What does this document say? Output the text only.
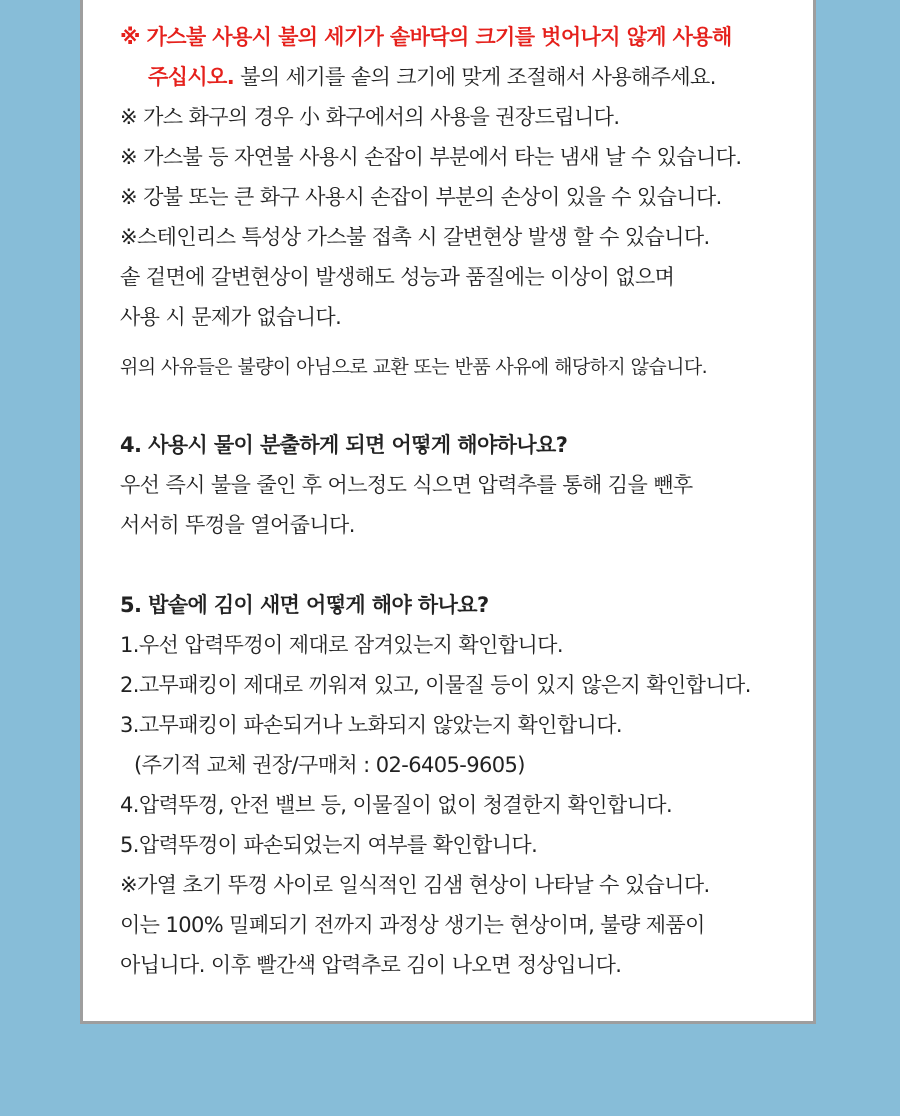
※ 가스불 사용시 불의 세기가 솥바닥의 크기를 벗어나지 않게 사용해
주십시오. 불의 세기를 솥의 크기에 맞게 조절해서 사용해주세요.
※ 가스 화구의 경우 小 화구에서의 사용을 권장드립니다.
※ 가스불 등 자연불 사용시 손잡이 부분에서 타는 냄새 날 수 있습니다.
※ 강불 또는 큰 화구 사용시 손잡이 부분의 손상이 있을 수 있습니다.
※스테인리스 특성상 가스불 접촉 시 갈변현상 발생 할 수 있습니다.
솥 겉면에 갈변현상이 발생해도 성능과 품질에는 이상이 없으며
사용 시 문제가 없습니다.
위의 사유들은 불량이 아님으로 교환 또는 반품 사유에 해당하지 않습니다.
4. 사용시 물이 분출하게 되면 어떻게 해야하나요?
우선 즉시 불을 줄인 후 어느정도 식으면 압력추를 통해 김을 뺀후
서서히 뚜껑을 열어줍니다.
5. 밥솥에 김이 새면 어떻게 해야 하나요?
1.우선 압력뚜껑이 제대로 잠겨있는지 확인합니다.
2.고무패킹이 제대로 끼워져 있고, 이물질 등이 있지 않은지 확인합니다.
3.고무패킹이 파손되거나 노화되지 않았는지 확인합니다.
(주기적 교체 권장/구매처 : 02-6405-9605)
4.압력뚜껑, 안전 밸브 등, 이물질이 없이 청결한지 확인합니다.
5.압력뚜껑이 파손되었는지 여부를 확인합니다.
※가열 초기 뚜껑 사이로 일식적인 김샘 현상이 나타날 수 있습니다.
이는 100% 밀폐되기 전까지 과정상 생기는 현상이며, 불량 제품이
아닙니다. 이후 빨간색 압력추로 김이 나오면 정상입니다.
